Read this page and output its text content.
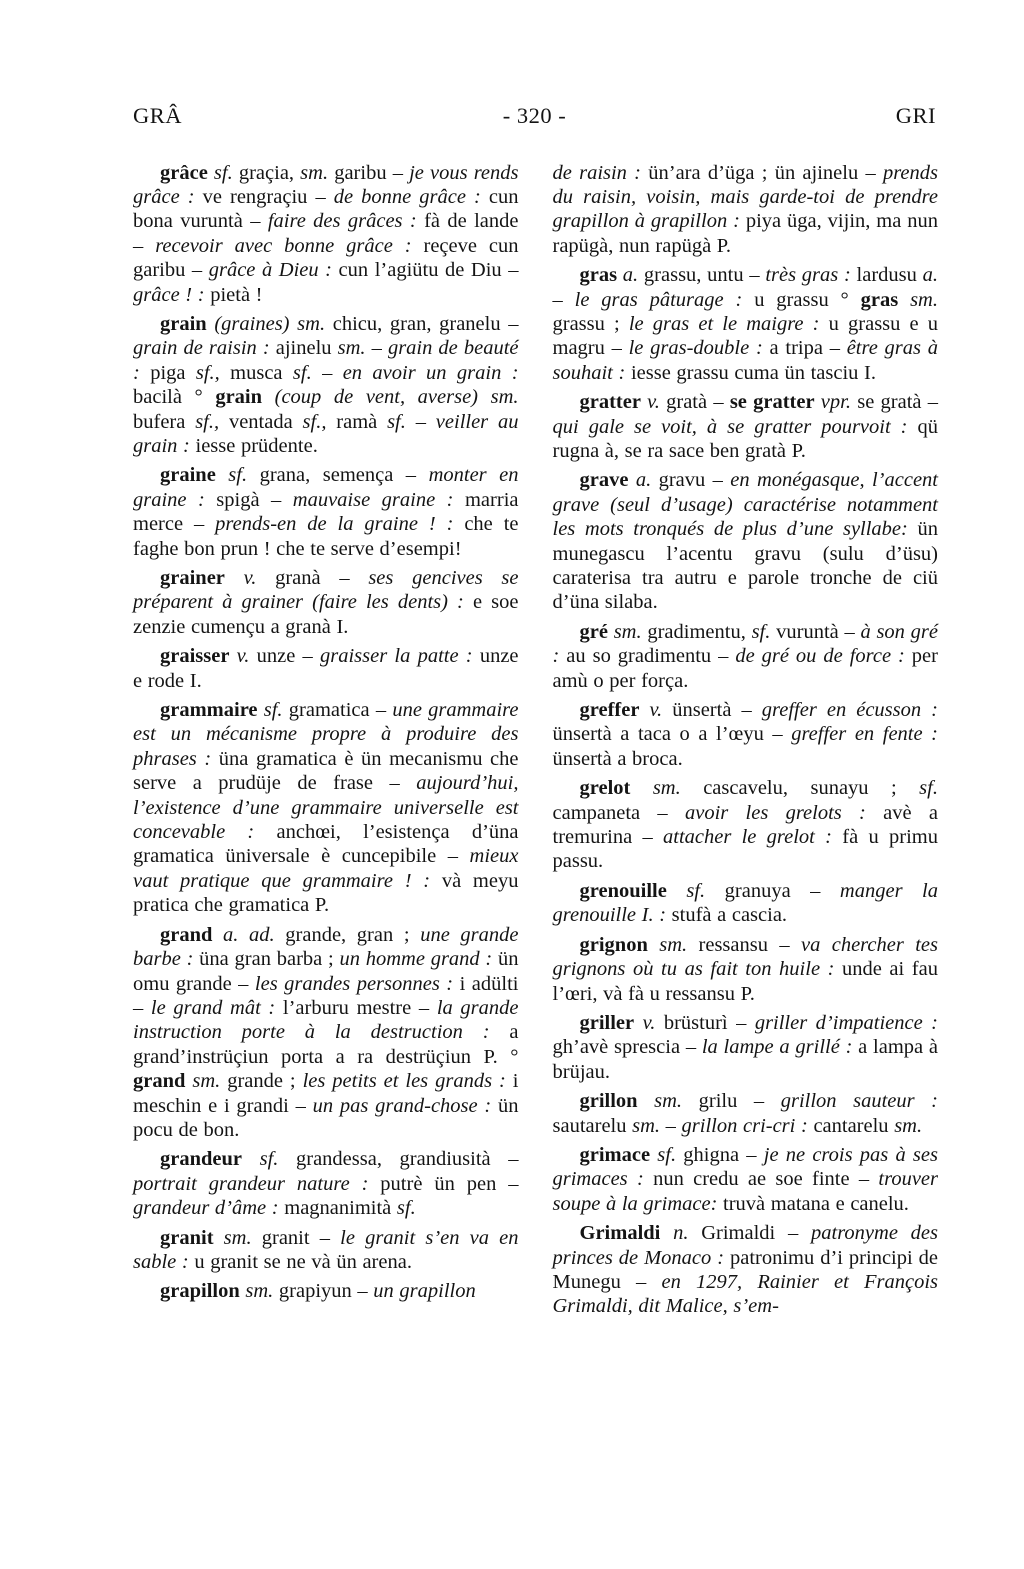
GRÂ	- 320 -	GRI

grâce sf. graçia, sm. garibu – je vous rends grâce : ve rengraçiu – de bonne grâce : cun bona vuruntà – faire des grâces : fà de lande – recevoir avec bonne grâce : reçeve cun garibu – grâce à Dieu : cun l’agiütu de Diu – grâce ! : pietà !

grain (graines) sm. chicu, gran, granelu – grain de raisin : ajinelu sm. – grain de beauté : piga sf., musca sf. – en avoir un grain : bacilà ° grain (coup de vent, averse) sm. bufera sf., ventada sf., ramà sf. – veiller au grain : iesse prüdente.

graine sf. grana, semença – monter en graine : spigà – mauvaise graine : marria merce – prends-en de la graine ! : che te faghe bon prun ! che te serve d’esempi!

grainer v. granà – ses gencives se préparent à grainer (faire les dents) : e soe zenzie cumençu a granà I.

graisser v. unze – graisser la patte : unze e rode I.

grammaire sf. gramatica – une grammaire est un mécanisme propre à produire des phrases : üna gramatica è ün mecanismu che serve a prudüje de frase – aujourd’hui, l’existence d’une grammaire universelle est concevable : anchœi, l’esistença d’üna gramatica üniversale è cuncepibile – mieux vaut pratique que grammaire ! : và meyu pratica che gramatica P.

grand a. ad. grande, gran ; une grande barbe : üna gran barba ; un homme grand : ün omu grande – les grandes personnes : i adülti – le grand mât : l’arburu mestre – la grande instruction porte à la destruction : a grand’instrüçiun porta a ra destrüçiun P. ° grand sm. grande ; les petits et les grands : i meschin e i grandi – un pas grand-chose : ün pocu de bon.

grandeur sf. grandessa, grandiusità – portrait grandeur nature : putrè ün pen – grandeur d’âme : magnanimità sf.

granit sm. granit – le granit s’en va en sable : u granit se ne và ün arena.

grapillon sm. grapiyun – un grapillon

de raisin : ün’ara d’üga ; ün ajinelu – prends du raisin, voisin, mais garde-toi de prendre grapillon à grapillon : piya üga, vijin, ma nun rapügà, nun rapügà P.

gras a. grassu, untu – très gras : lardusu a. – le gras pâturage : u grassu ° gras sm. grassu ; le gras et le maigre : u grassu e u magru – le gras-double : a tripa – être gras à souhait : iesse grassu cuma ün tasciu I.

gratter v. gratà – se gratter vpr. se gratà – qui gale se voit, à se gratter pourvoit : qü rugna à, se ra sace ben gratà P.

grave a. gravu – en monégasque, l’accent grave (seul d’usage) caractérise notamment les mots tronqués de plus d’une syllabe: ün munegascu l’acentu gravu (sulu d’üsu) caraterisa tra autru e parole tronche de ciü d’üna silaba.

gré sm. gradimentu, sf. vuruntà – à son gré : au so gradimentu – de gré ou de force : per amù o per força.

greffer v. ünsertà – greffer en écusson : ünsertà a taca o a l’œyu – greffer en fente : ünsertà a broca.

grelot sm. cascavelu, sunayu ; sf. campaneta – avoir les grelots : avè a tremurina – attacher le grelot : fà u primu passu.

grenouille sf. granuya – manger la grenouille I. : stufà a cascia.

grignon sm. ressansu – va chercher tes grignons où tu as fait ton huile : unde ai fau l’œri, và fà u ressansu P.

griller v. brüsturì – griller d’impatience : gh’avè sprescia – la lampe a grillé : a lampa à brüjau.

grillon sm. grilu – grillon sauteur : sautarelu sm. – grillon cri-cri : cantarelu sm.

grimace sf. ghigna – je ne crois pas à ses grimaces : nun credu ae soe finte – trouver soupe à la grimace: truvà matana e canelu.

Grimaldi n. Grimaldi – patronyme des princes de Monaco : patronimu d’i principi de Munegu – en 1297, Rainier et François Grimaldi, dit Malice, s’em-
